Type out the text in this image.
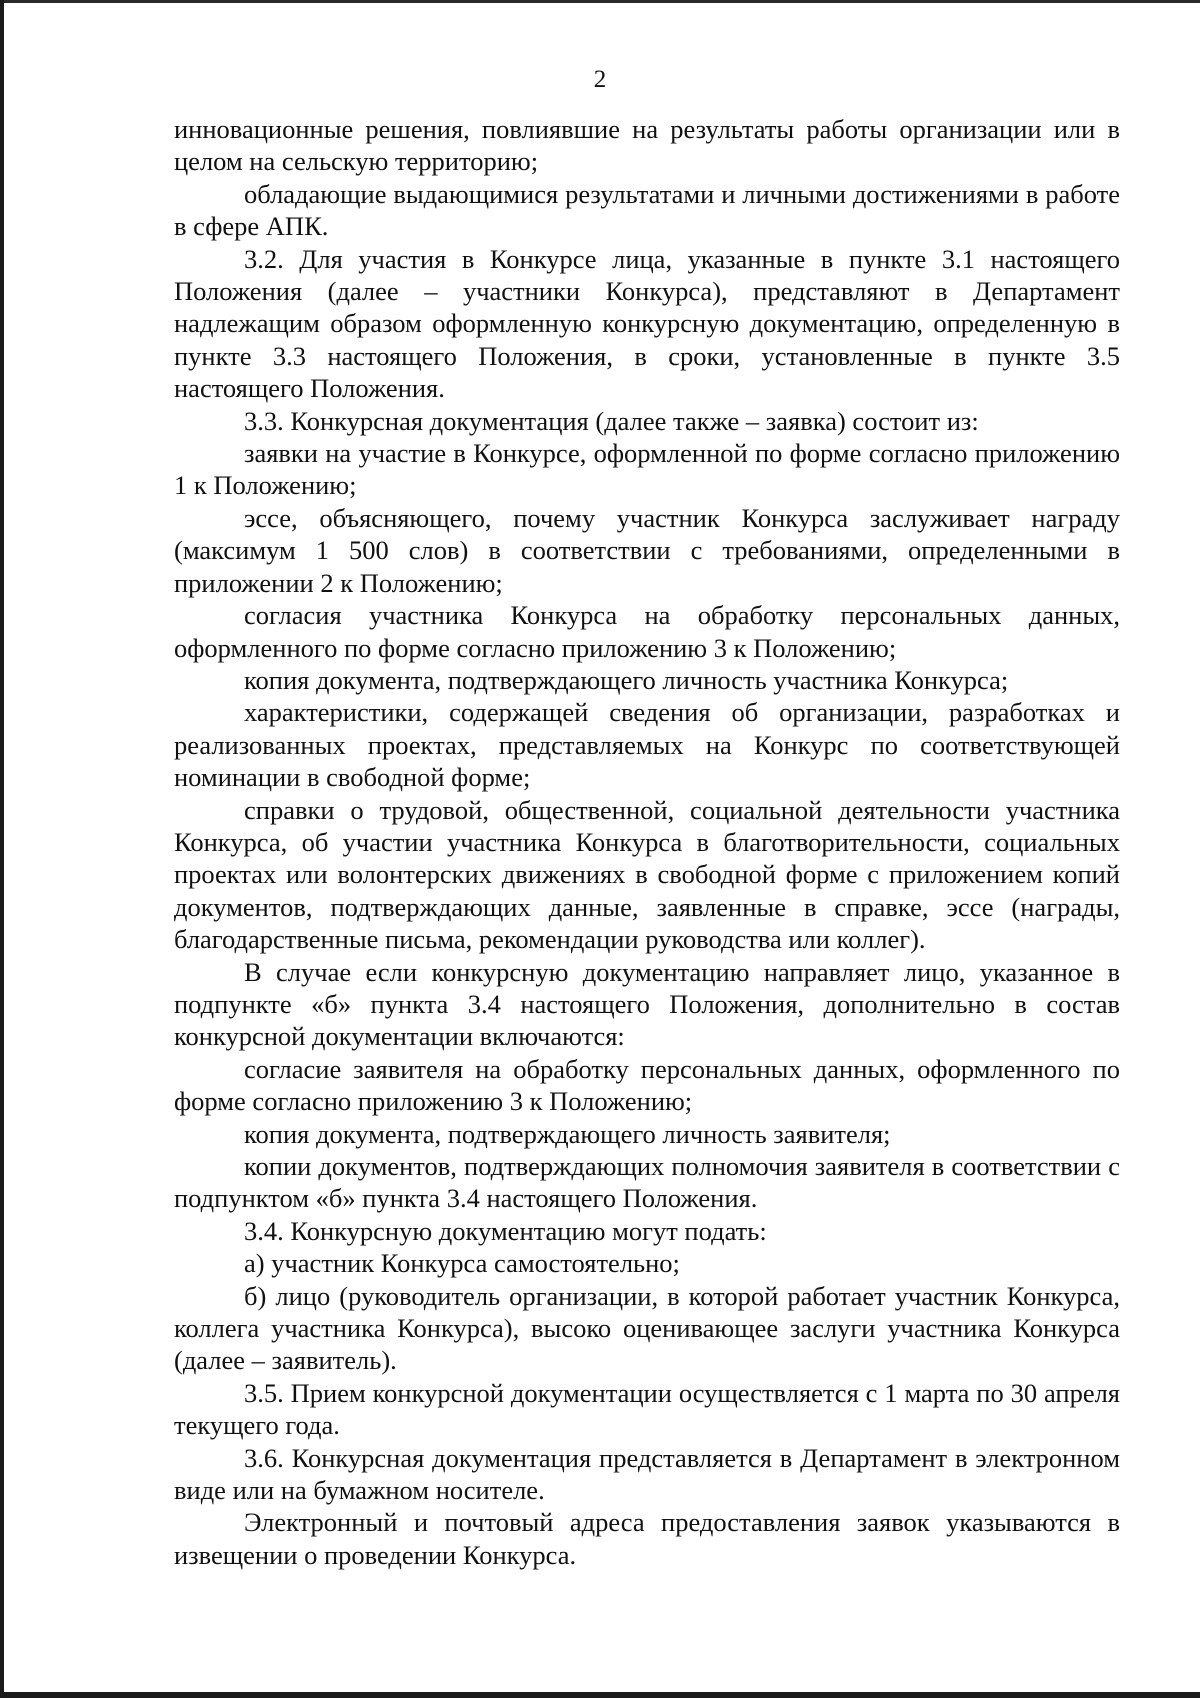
2

инновационные решения, повлиявшие на результаты работы организации или в целом на сельскую территорию;

обладающие выдающимися результатами и личными достижениями в работе в сфере АПК.

3.2. Для участия в Конкурсе лица, указанные в пункте 3.1 настоящего Положения (далее – участники Конкурса), представляют в Департамент надлежащим образом оформленную конкурсную документацию, определенную в пункте 3.3 настоящего Положения, в сроки, установленные в пункте 3.5 настоящего Положения.

3.3. Конкурсная документация (далее также – заявка) состоит из:

заявки на участие в Конкурсе, оформленной по форме согласно приложению 1 к Положению;

эссе, объясняющего, почему участник Конкурса заслуживает награду (максимум 1 500 слов) в соответствии с требованиями, определенными в приложении 2 к Положению;

согласия участника Конкурса на обработку персональных данных, оформленного по форме согласно приложению 3 к Положению;

копия документа, подтверждающего личность участника Конкурса;

характеристики, содержащей сведения об организации, разработках и реализованных проектах, представляемых на Конкурс по соответствующей номинации в свободной форме;

справки о трудовой, общественной, социальной деятельности участника Конкурса, об участии участника Конкурса в благотворительности, социальных проектах или волонтерских движениях в свободной форме с приложением копий документов, подтверждающих данные, заявленные в справке, эссе (награды, благодарственные письма, рекомендации руководства или коллег).

В случае если конкурсную документацию направляет лицо, указанное в подпункте «б» пункта 3.4 настоящего Положения, дополнительно в состав конкурсной документации включаются:

согласие заявителя на обработку персональных данных, оформленного по форме согласно приложению 3 к Положению;

копия документа, подтверждающего личность заявителя;

копии документов, подтверждающих полномочия заявителя в соответствии с подпунктом «б» пункта 3.4 настоящего Положения.

3.4. Конкурсную документацию могут подать:

а) участник Конкурса самостоятельно;

б) лицо (руководитель организации, в которой работает участник Конкурса, коллега участника Конкурса), высоко оценивающее заслуги участника Конкурса (далее – заявитель).

3.5. Прием конкурсной документации осуществляется с 1 марта по 30 апреля текущего года.

3.6. Конкурсная документация представляется в Департамент в электронном виде или на бумажном носителе.

Электронный и почтовый адреса предоставления заявок указываются в извещении о проведении Конкурса.
